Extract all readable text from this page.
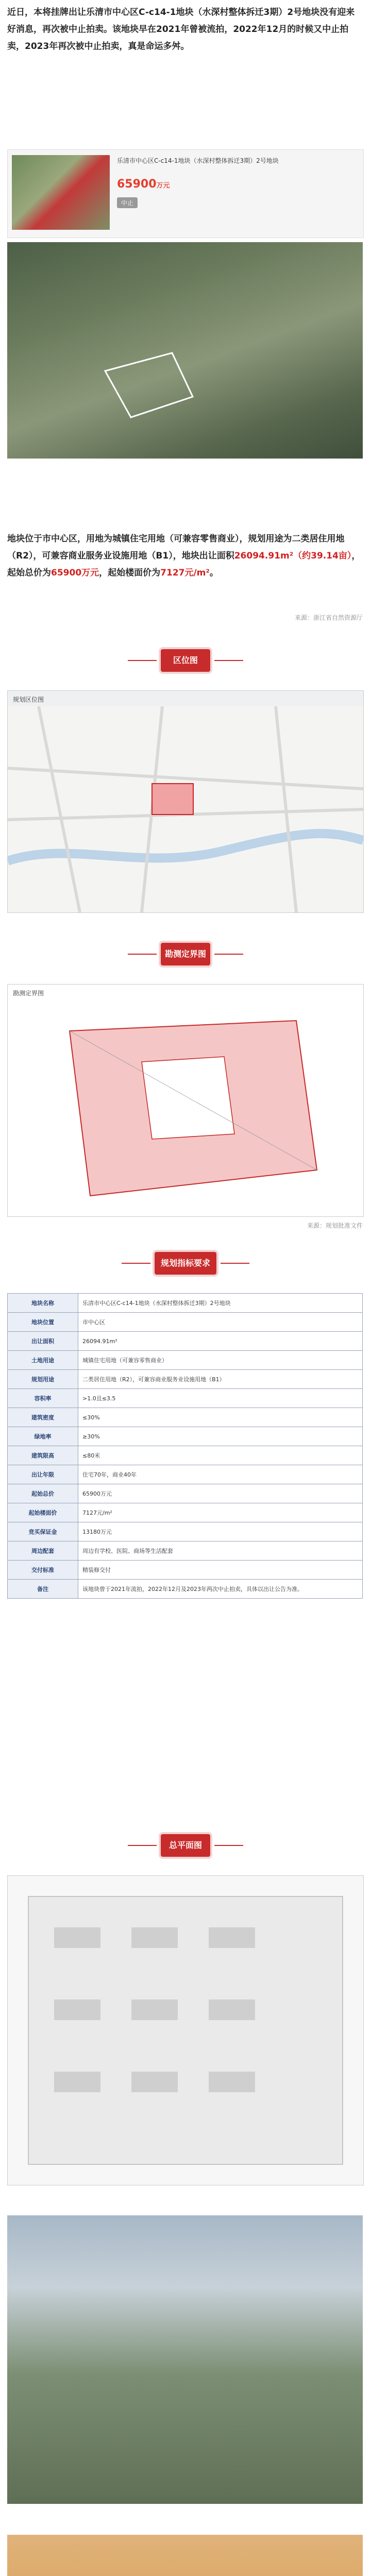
近日，本将挂牌出让乐清市中心区C-c14-1地块（水深村整体拆迁3期）2号地块没有迎来好消息，再次被中止拍卖。该地块早在2021年曾被流拍，2022年12月的时候又中止拍卖，2023年再次被中止拍卖，真是命运多舛。
乐清市中心区C-c14-1地块（水深村整体拆迁3期）2号地块
65900万元
中止
地块位于市中心区，用地为城镇住宅用地（可兼容零售商业），规划用途为二类居住用地（R2），可兼容商业服务业设施用地（B1），地块出让面积26094.91m²（约39.14亩），起始总价为65900万元，起始楼面价为7127元/m²。
来源：浙江省自然资源厅
区位图
规划区位图
勘测定界图
勘测定界图
来源：规划批准文件
规划指标要求
地块名称	乐清市中心区C-c14-1地块（水深村整体拆迁3期）2号地块
地块位置	市中心区
出让面积	26094.91m²
土地用途	城镇住宅用地（可兼容零售商业）
规划用途	二类居住用地（R2），可兼容商业服务业设施用地（B1）
容积率	>1.0且≤3.5
建筑密度	≤30%
绿地率	≥30%
建筑限高	≤80米
出让年限	住宅70年，商业40年
起始总价	65900万元
起始楼面价	7127元/m²
竞买保证金	13180万元
周边配套	周边有学校、医院、商场等生活配套
交付标准	精装修交付
备注	该地块曾于2021年流拍，2022年12月及2023年两次中止拍卖，具体以出让公告为准。
总平面图
